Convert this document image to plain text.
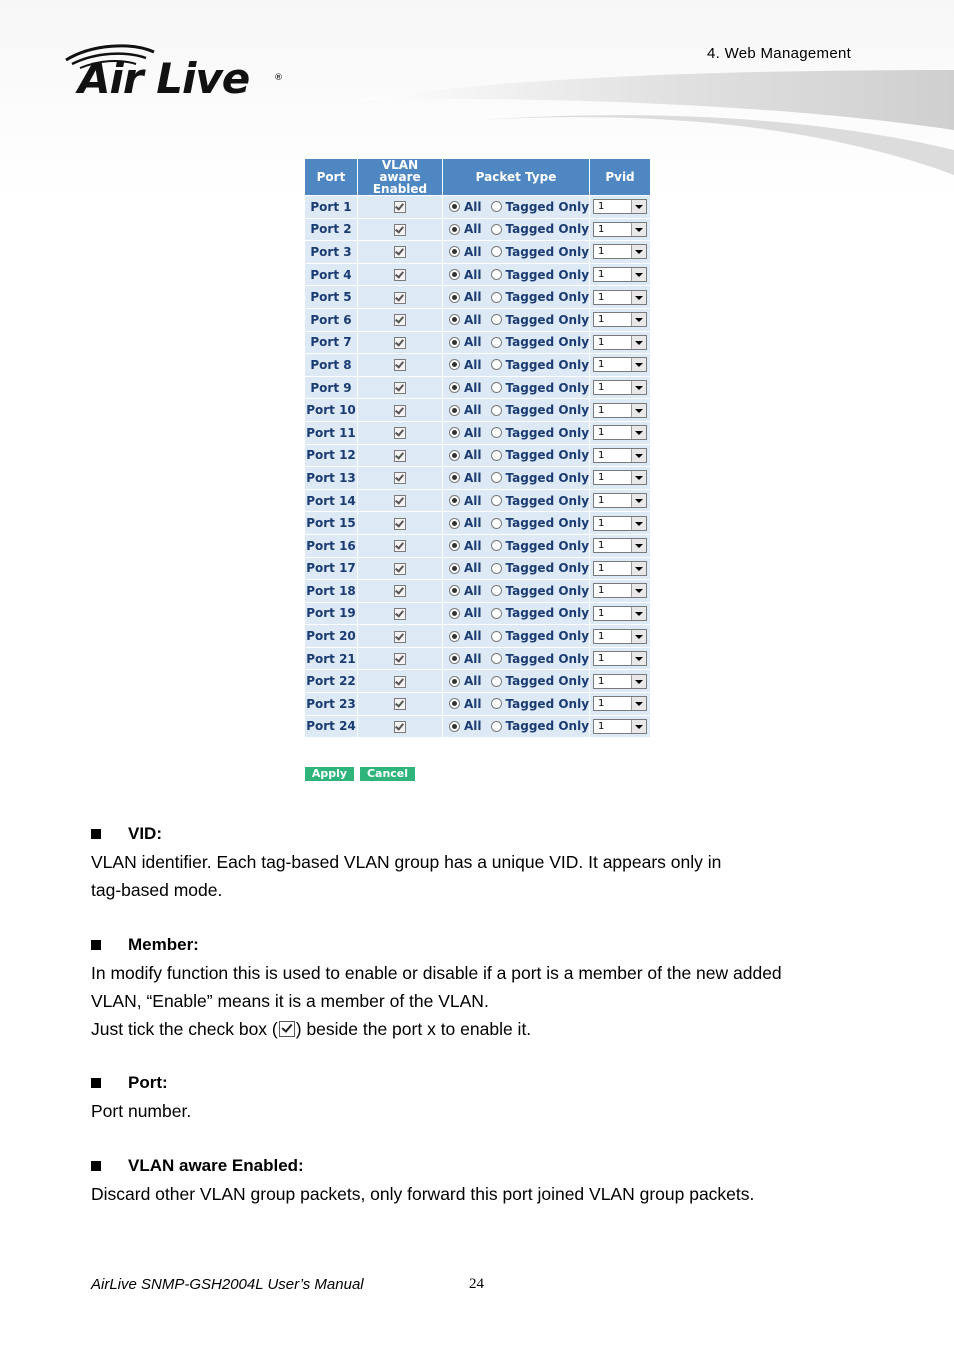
4. Web Management
Air Live	®
Port	VLAN aware Enabled	Packet Type	Pvid
Port 1		All Tagged Only	1

Port 2		All Tagged Only	1

Port 3		All Tagged Only	1

Port 4		All Tagged Only	1

Port 5		All Tagged Only	1

Port 6		All Tagged Only	1

Port 7		All Tagged Only	1

Port 8		All Tagged Only	1

Port 9		All Tagged Only	1

Port 10		All Tagged Only	1

Port 11		All Tagged Only	1

Port 12		All Tagged Only	1

Port 13		All Tagged Only	1

Port 14		All Tagged Only	1

Port 15		All Tagged Only	1

Port 16		All Tagged Only	1

Port 17		All Tagged Only	1

Port 18		All Tagged Only	1

Port 19		All Tagged Only	1

Port 20		All Tagged Only	1

Port 21		All Tagged Only	1

Port 22		All Tagged Only	1

Port 23		All Tagged Only	1

Port 24		All Tagged Only	1
Apply	Cancel
VID:
VLAN identifier. Each tag-based VLAN group has a unique VID. It appears only in
tag-based mode.
Member:
In modify function this is used to enable or disable if a port is a member of the new added
VLAN, “Enable” means it is a member of the VLAN.
Just tick the check box ( ) beside the port x to enable it.
Port:
Port number.
VLAN aware Enabled:
Discard other VLAN group packets, only forward this port joined VLAN group packets.
AirLive SNMP-GSH2004L User’s Manual	24
